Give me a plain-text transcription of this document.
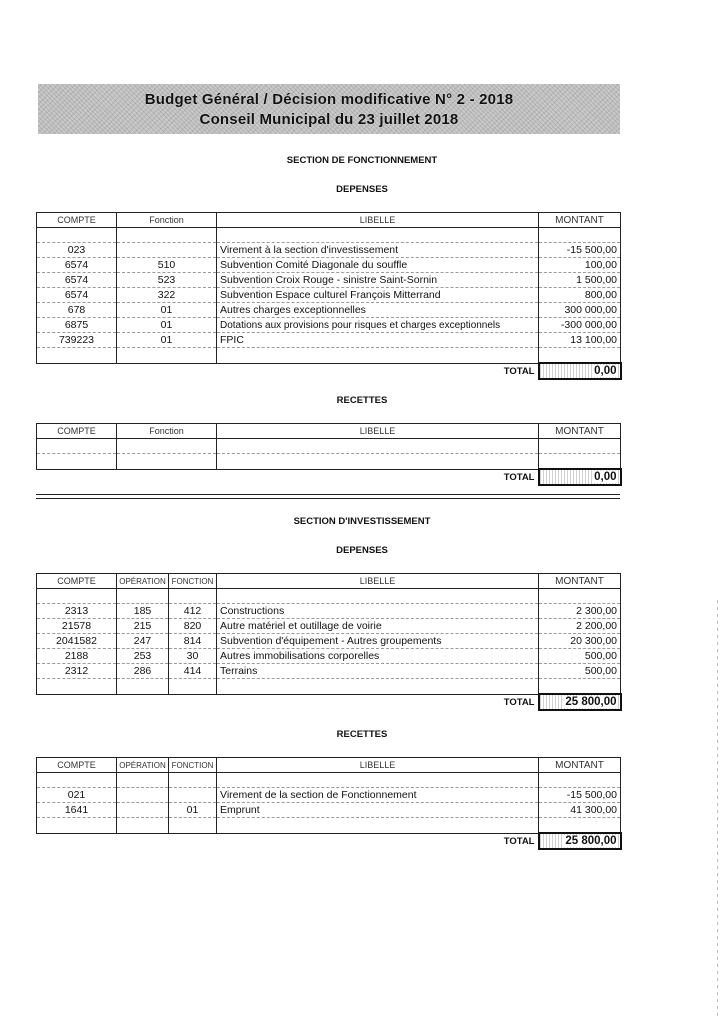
Budget Général / Décision modificative N° 2 - 2018
Conseil Municipal du 23 juillet 2018
SECTION DE FONCTIONNEMENT
DEPENSES
COMPTE	Fonction	LIBELLE	MONTANT

023		Virement à la section d'investissement	-15 500,00
6574	510	Subvention Comité Diagonale du souffle	100,00
6574	523	Subvention Croix Rouge - sinistre Saint-Sornin	1 500,00
6574	322	Subvention Espace culturel François Mitterrand	800,00
678	01	Autres charges exceptionnelles	300 000,00
6875	01	Dotations aux provisions pour risques et charges exceptionnels	-300 000,00
739223	01	FPIC	13 100,00

		TOTAL	0,00
RECETTES
COMPTE	Fonction	LIBELLE	MONTANT

		TOTAL	0,00
SECTION D'INVESTISSEMENT
DEPENSES
COMPTE	OPÉRATION	FONCTION	LIBELLE	MONTANT

2313	185	412	Constructions	2 300,00
21578	215	820	Autre matériel et outillage de voirie	2 200,00
2041582	247	814	Subvention d'équipement - Autres groupements	20 300,00
2188	253	30	Autres immobilisations corporelles	500,00
2312	286	414	Terrains	500,00

			TOTAL	25 800,00
RECETTES
COMPTE	OPÉRATION	FONCTION	LIBELLE	MONTANT

021			Virement de la section de Fonctionnement	-15 500,00
1641		01	Emprunt	41 300,00

			TOTAL	25 800,00
